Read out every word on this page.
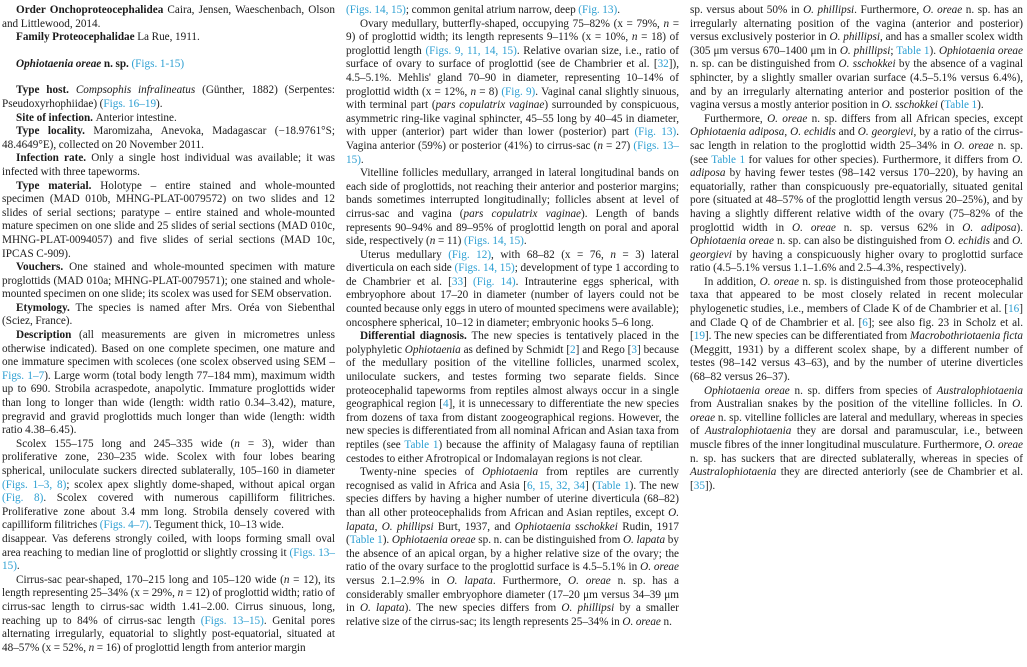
Order Onchoproteocephalidea Caira, Jensen, Waeschenbach, Olson and Littlewood, 2014.

Family Proteocephalidae La Rue, 1911.

Ophiotaenia oreae n. sp. (Figs. 1-15)

Type host. Compsophis infralineatus (Günther, 1882) (Serpentes: Pseudoxyrhophiidae) (Figs. 16–19).

Site of infection. Anterior intestine.

Type locality. Maromizaha, Anevoka, Madagascar (−18.9761°S; 48.4649°E), collected on 20 November 2011.

Infection rate. Only a single host individual was available; it was infected with three tapeworms.

Type material. Holotype – entire stained and whole-mounted specimen (MAD 010b, MHNG-PLAT-0079572) on two slides and 12 slides of serial sections; paratype – entire stained and whole-mounted mature specimen on one slide and 25 slides of serial sections (MAD 010c, MHNG-PLAT-0094057) and five slides of serial sections (MAD 10c, IPCAS C-909).

Vouchers. One stained and whole-mounted specimen with mature proglottids (MAD 010a; MHNG-PLAT-0079571); one stained and whole-mounted specimen on one slide; its scolex was used for SEM observation.

Etymology. The species is named after Mrs. Oréa von Siebenthal (Sciez, France).

Description (all measurements are given in micrometres unless otherwise indicated). Based on one complete specimen, one mature and one immature specimen with scoleces (one scolex observed using SEM – Figs. 1–7). Large worm (total body length 77–184 mm), maximum width up to 690. Strobila acraspedote, anapolytic. Immature proglottids wider than long to longer than wide (length: width ratio 0.34–3.42), mature, pregravid and gravid proglottids much longer than wide (length: width ratio 4.38–6.45).

Scolex 155–175 long and 245–335 wide (n = 3), wider than proliferative zone, 230–235 wide. Scolex with four lobes bearing spherical, uniloculate suckers directed sublaterally, 105–160 in diameter (Figs. 1–3, 8); scolex apex slightly dome-shaped, without apical organ (Fig. 8). Scolex covered with numerous capilliform filitriches. Proliferative zone about 3.4 mm long. Strobila densely covered with capilliform filitriches (Figs. 4–7). Tegument thick, 10–13 wide.

disappear. Vas deferens strongly coiled, with loops forming small oval area reaching to median line of proglottid or slightly crossing it (Figs. 13–15).

Cirrus-sac pear-shaped, 170–215 long and 105–120 wide (n = 12), its length representing 25–34% (x = 29%, n = 12) of proglottid width; ratio of cirrus-sac length to cirrus-sac width 1.41–2.00. Cirrus sinuous, long, reaching up to 84% of cirrus-sac length (Figs. 13–15). Genital pores alternating irregularly, equatorial to slightly post-equatorial, situated at 48–57% (x = 52%, n = 16) of proglottid length from anterior margin

(Figs. 14, 15); common genital atrium narrow, deep (Fig. 13).

Ovary medullary, butterfly-shaped, occupying 75–82% (x = 79%, n = 9) of proglottid width; its length represents 9–11% (x = 10%, n = 18) of proglottid length (Figs. 9, 11, 14, 15). Relative ovarian size, i.e., ratio of surface of ovary to surface of proglottid (see de Chambrier et al. [32]), 4.5–5.1%. Mehlis' gland 70–90 in diameter, representing 10–14% of proglottid width (x = 12%, n = 8) (Fig. 9). Vaginal canal slightly sinuous, with terminal part (pars copulatrix vaginae) surrounded by conspicuous, asymmetric ring-like vaginal sphincter, 45–55 long by 40–45 in diameter, with upper (anterior) part wider than lower (posterior) part (Fig. 13). Vagina anterior (59%) or posterior (41%) to cirrus-sac (n = 27) (Figs. 13–15).

Vitelline follicles medullary, arranged in lateral longitudinal bands on each side of proglottids, not reaching their anterior and posterior margins; bands sometimes interrupted longitudinally; follicles absent at level of cirrus-sac and vagina (pars copulatrix vaginae). Length of bands represents 90–94% and 89–95% of proglottid length on poral and aporal side, respectively (n = 11) (Figs. 14, 15).

Uterus medullary (Fig. 12), with 68–82 (x = 76, n = 3) lateral diverticula on each side (Figs. 14, 15); development of type 1 according to de Chambrier et al. [33] (Fig. 14). Intrauterine eggs spherical, with embryophore about 17–20 in diameter (number of layers could not be counted because only eggs in utero of mounted specimens were available); oncosphere spherical, 10–12 in diameter; embryonic hooks 5–6 long.

Differential diagnosis. The new species is tentatively placed in the polyphyletic Ophiotaenia as defined by Schmidt [2] and Rego [3] because of the medullary position of the vitelline follicles, unarmed scolex, uniloculate suckers, and testes forming two separate fields. Since proteocephalid tapeworms from reptiles almost always occur in a single geographical region [4], it is unnecessary to differentiate the new species from dozens of taxa from distant zoogeographical regions. However, the new species is differentiated from all nominal African and Asian taxa from reptiles (see Table 1) because the affinity of Malagasy fauna of reptilian cestodes to either Afrotropical or Indomalayan regions is not clear.

Twenty-nine species of Ophiotaenia from reptiles are currently recognised as valid in Africa and Asia [6, 15, 32, 34] (Table 1). The new species differs by having a higher number of uterine diverticula (68–82) than all other proteocephalids from African and Asian reptiles, except O. lapata, O. phillipsi Burt, 1937, and Ophiotaenia sschokkei Rudin, 1917 (Table 1). Ophiotaenia oreae sp. n. can be distinguished from O. lapata by the absence of an apical organ, by a higher relative size of the ovary; the ratio of the ovary surface to the proglottid surface is 4.5–5.1% in O. oreae versus 2.1–2.9% in O. lapata. Furthermore, O. oreae n. sp. has a considerably smaller embryophore diameter (17–20 μm versus 34–39 μm in O. lapata). The new species differs from O. phillipsi by a smaller relative size of the cirrus-sac; its length represents 25–34% in O. oreae n.

sp. versus about 50% in O. phillipsi. Furthermore, O. oreae n. sp. has an irregularly alternating position of the vagina (anterior and posterior) versus exclusively posterior in O. phillipsi, and has a smaller scolex width (305 μm versus 670–1400 μm in O. phillipsi; Table 1). Ophiotaenia oreae n. sp. can be distinguished from O. sschokkei by the absence of a vaginal sphincter, by a slightly smaller ovarian surface (4.5–5.1% versus 6.4%), and by an irregularly alternating anterior and posterior position of the vagina versus a mostly anterior position in O. sschokkei (Table 1).

Furthermore, O. oreae n. sp. differs from all African species, except Ophiotaenia adiposa, O. echidis and O. georgievi, by a ratio of the cirrus-sac length in relation to the proglottid width 25–34% in O. oreae n. sp. (see Table 1 for values for other species). Furthermore, it differs from O. adiposa by having fewer testes (98–142 versus 170–220), by having an equatorially, rather than conspicuously pre-equatorially, situated genital pore (situated at 48–57% of the proglottid length versus 20–25%), and by having a slightly different relative width of the ovary (75–82% of the proglottid width in O. oreae n. sp. versus 62% in O. adiposa). Ophiotaenia oreae n. sp. can also be distinguished from O. echidis and O. georgievi by having a conspicuously higher ovary to proglottid surface ratio (4.5–5.1% versus 1.1–1.6% and 2.5–4.3%, respectively).

In addition, O. oreae n. sp. is distinguished from those proteocephalid taxa that appeared to be most closely related in recent molecular phylogenetic studies, i.e., members of Clade K of de Chambrier et al. [16] and Clade Q of de Chambrier et al. [6]; see also fig. 23 in Scholz et al. [19]. The new species can be differentiated from Macrobothriotaenia ficta (Meggitt, 1931) by a different scolex shape, by a different number of testes (98–142 versus 43–63), and by the number of uterine diverticles (68–82 versus 26–37).

Ophiotaenia oreae n. sp. differs from species of Australophiotaenia from Australian snakes by the position of the vitelline follicles. In O. oreae n. sp. vitelline follicles are lateral and medullary, whereas in species of Australophiotaenia they are dorsal and paramuscular, i.e., between muscle fibres of the inner longitudinal musculature. Furthermore, O. oreae n. sp. has suckers that are directed sublaterally, whereas in species of Australophiotaenia they are directed anteriorly (see de Chambrier et al. [35]).
